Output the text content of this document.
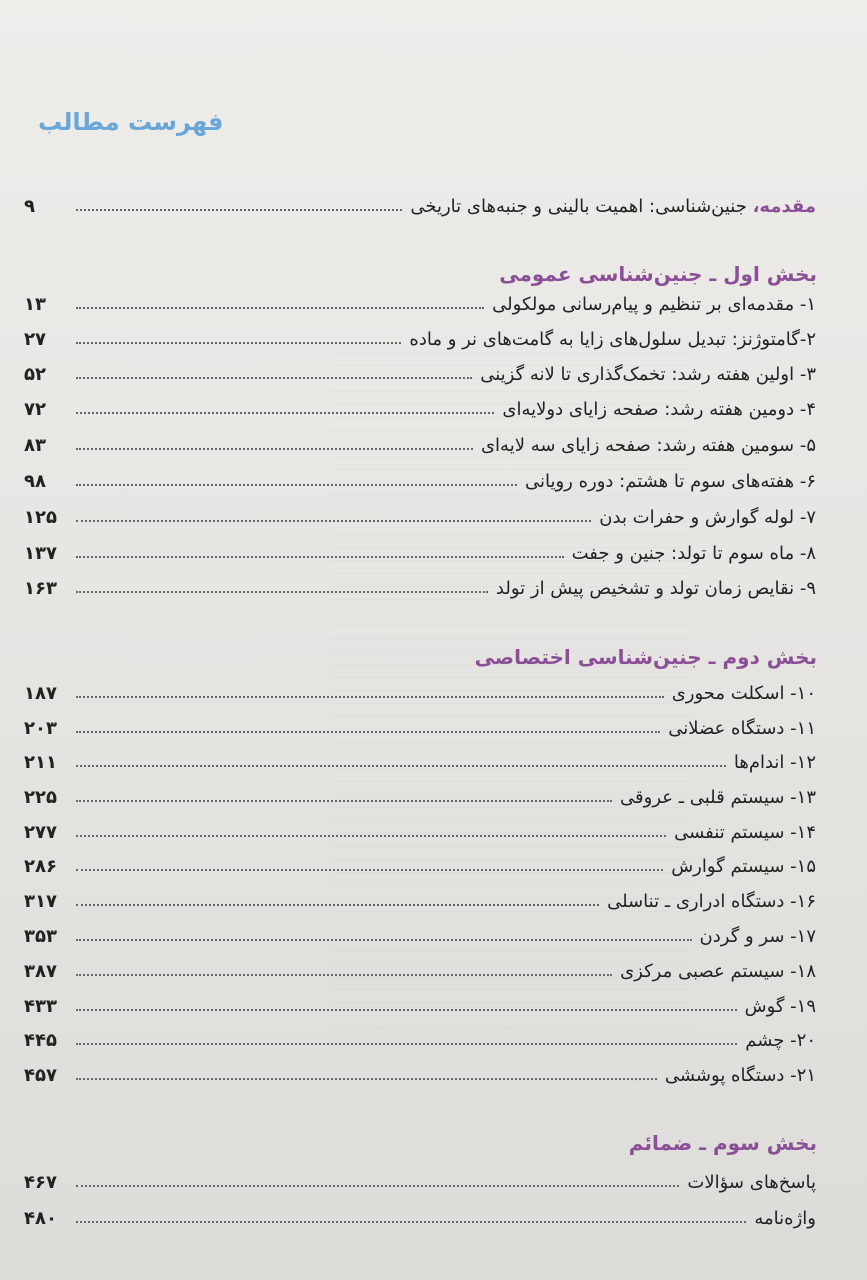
فهرست مطالب
مقدمه، جنین‌شناسی: اهمیت بالینی و جنبه‌های تاریخی
۹
بخش اول ـ جنین‌شناسی عمومی
۱- مقدمه‌ای بر تنظیم و پیام‌رسانی مولکولی
۱۳
۲-گامتوژنز: تبدیل سلول‌های زایا به گامت‌های نر و ماده
۲۷
۳- اولین هفته رشد: تخمک‌گذاری تا لانه گزینی
۵۲
۴- دومین هفته رشد: صفحه زایای دولایه‌ای
۷۲
۵- سومین هفته رشد: صفحه زایای سه لایه‌ای
۸۳
۶- هفته‌های سوم تا هشتم: دوره رویانی
۹۸
۷- لوله گوارش و حفرات بدن
۱۲۵
۸- ماه سوم تا تولد: جنین و جفت
۱۳۷
۹- نقایص زمان تولد و تشخیص پیش از تولد
۱۶۳
بخش دوم ـ جنین‌شناسی اختصاصی
۱۰- اسکلت محوری
۱۸۷
۱۱- دستگاه عضلانی
۲۰۳
۱۲- اندام‌ها
۲۱۱
۱۳- سیستم قلبی ـ عروقی
۲۲۵
۱۴- سیستم تنفسی
۲۷۷
۱۵- سیستم گوارش
۲۸۶
۱۶- دستگاه ادراری ـ تناسلی
۳۱۷
۱۷- سر و گردن
۳۵۳
۱۸- سیستم عصبی مرکزی
۳۸۷
۱۹- گوش
۴۳۳
۲۰- چشم
۴۴۵
۲۱- دستگاه پوششی
۴۵۷
بخش سوم ـ ضمائم
پاسخ‌های سؤالات
۴۶۷
واژه‌نامه
۴۸۰
